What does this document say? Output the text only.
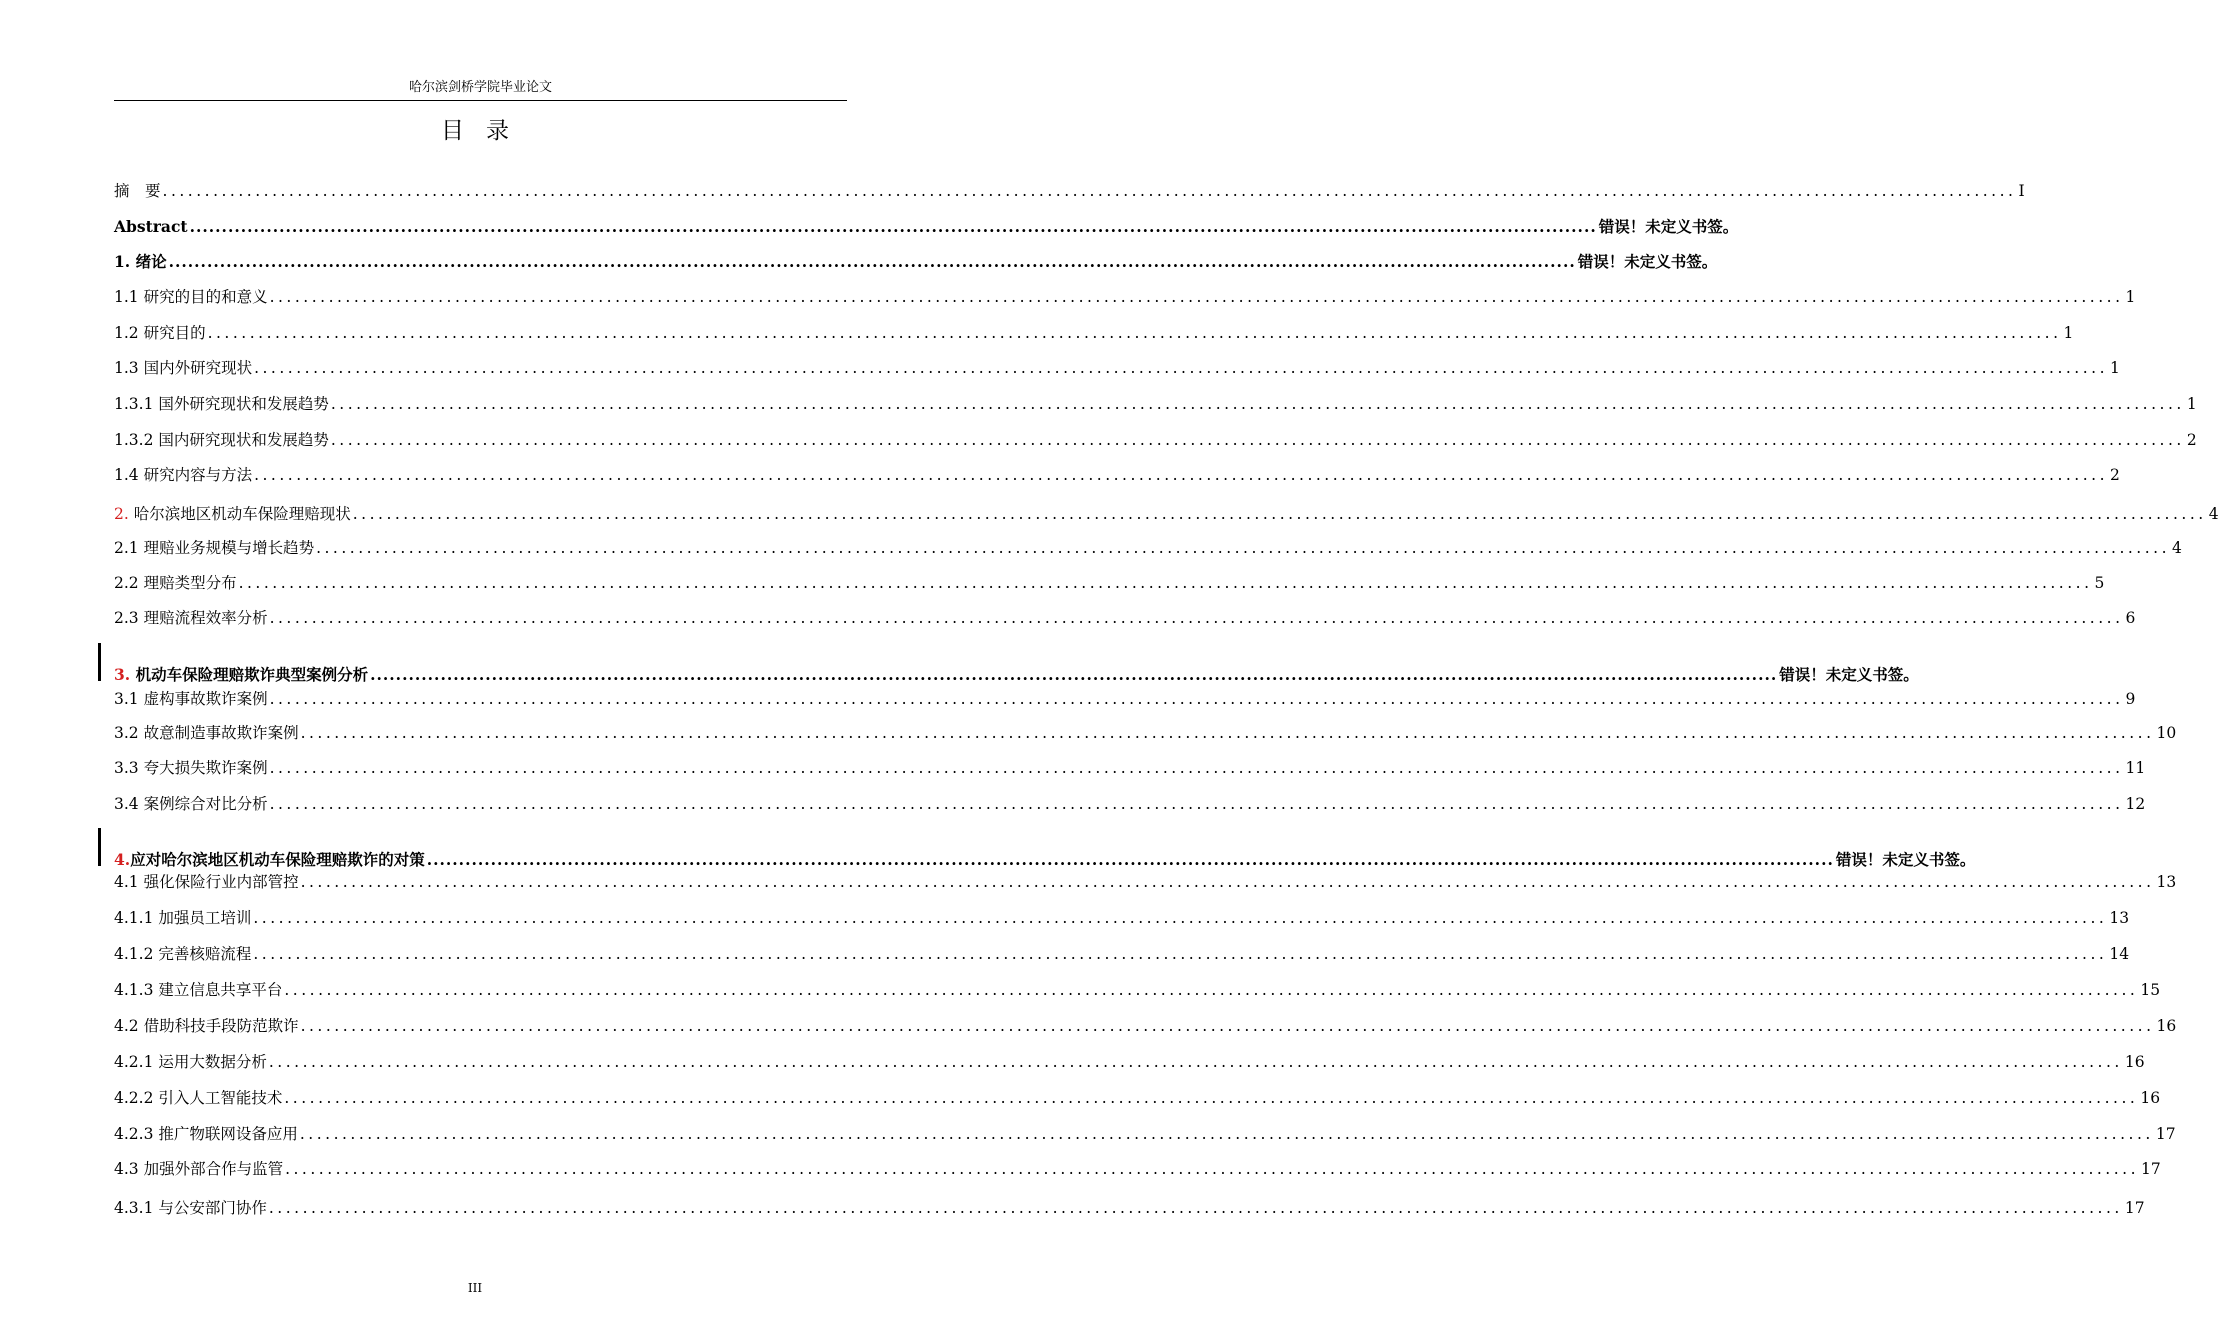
哈尔滨剑桥学院毕业论文
目录
摘　要 ............................................................................................................................................................................................................................ I
Abstract ............................................................................................................................................................................................................................ 错误！未定义书签。
1. 绪论 ............................................................................................................................................................................................................................ 错误！未定义书签。
1.1 研究的目的和意义 ............................................................................................................................................................................................................................ 1
1.2 研究目的 ............................................................................................................................................................................................................................ 1
1.3 国内外研究现状 ............................................................................................................................................................................................................................ 1
1.3.1 国外研究现状和发展趋势 ............................................................................................................................................................................................................................ 1
1.3.2 国内研究现状和发展趋势 ............................................................................................................................................................................................................................ 2
1.4 研究内容与方法 ............................................................................................................................................................................................................................ 2
2. 哈尔滨地区机动车保险理赔现状 ............................................................................................................................................................................................................................ 4
2.1 理赔业务规模与增长趋势 ............................................................................................................................................................................................................................ 4
2.2 理赔类型分布 ............................................................................................................................................................................................................................ 5
2.3 理赔流程效率分析 ............................................................................................................................................................................................................................ 6
3. 机动车保险理赔欺诈典型案例分析 ............................................................................................................................................................................................................................ 错误！未定义书签。
3.1 虚构事故欺诈案例 ............................................................................................................................................................................................................................ 9
3.2 故意制造事故欺诈案例 ............................................................................................................................................................................................................................ 10
3.3 夸大损失欺诈案例 ............................................................................................................................................................................................................................ 11
3.4 案例综合对比分析 ............................................................................................................................................................................................................................ 12
4.应对哈尔滨地区机动车保险理赔欺诈的对策 ............................................................................................................................................................................................................................ 错误！未定义书签。
4.1 强化保险行业内部管控 ............................................................................................................................................................................................................................ 13
4.1.1 加强员工培训 ............................................................................................................................................................................................................................ 13
4.1.2 完善核赔流程 ............................................................................................................................................................................................................................ 14
4.1.3 建立信息共享平台 ............................................................................................................................................................................................................................ 15
4.2 借助科技手段防范欺诈 ............................................................................................................................................................................................................................ 16
4.2.1 运用大数据分析 ............................................................................................................................................................................................................................ 16
4.2.2 引入人工智能技术 ............................................................................................................................................................................................................................ 16
4.2.3 推广物联网设备应用 ............................................................................................................................................................................................................................ 17
4.3 加强外部合作与监管 ............................................................................................................................................................................................................................ 17
4.3.1 与公安部门协作 ............................................................................................................................................................................................................................ 17
III
